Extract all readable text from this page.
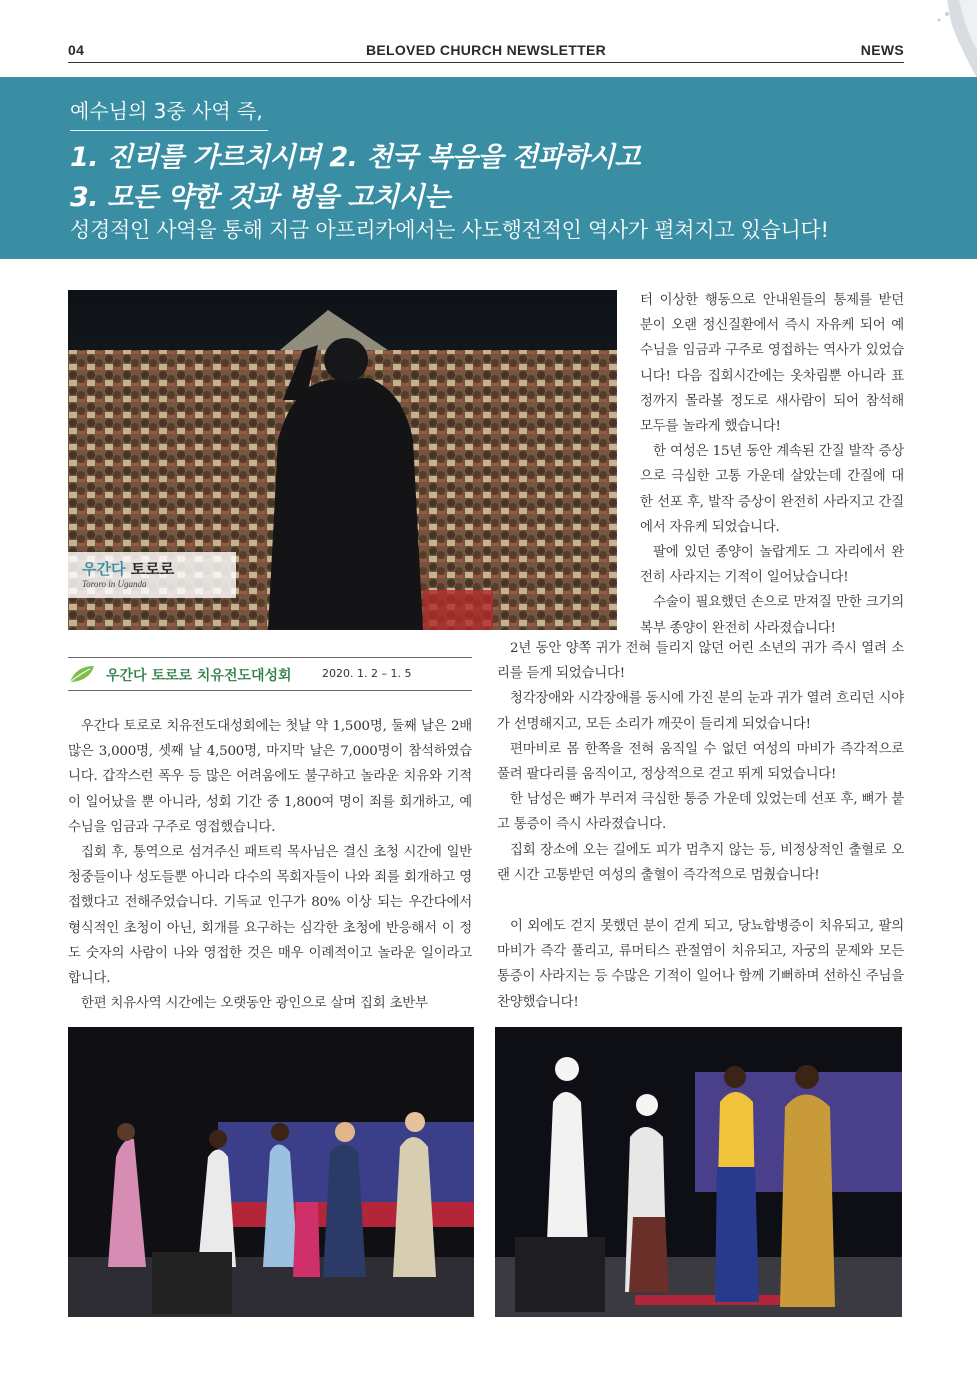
04	BELOVED CHURCH NEWSLETTER	NEWS
예수님의 3중 사역 즉,
1. 진리를 가르치시며 2. 천국 복음을 전파하시고
3. 모든 약한 것과 병을 고치시는
성경적인 사역을 통해 지금 아프리카에서는 사도행전적인 역사가 펼쳐지고 있습니다!
우간다 토로로
Tororo in Uganda

터 이상한 행동으로 안내원들의 통제를 받던 분이 오랜 정신질환에서 즉시 자유케 되어 예수님을 임금과 구주로 영접하는 역사가 있었습니다! 다음 집회시간에는 옷차림뿐 아니라 표정까지 몰라볼 정도로 새사람이 되어 참석해 모두를 놀라게 했습니다!

한 여성은 15년 동안 계속된 간질 발작 증상으로 극심한 고통 가운데 살았는데 간질에 대한 선포 후, 발작 증상이 완전히 사라지고 간질에서 자유케 되었습니다.

팔에 있던 종양이 놀랍게도 그 자리에서 완전히 사라지는 기적이 일어났습니다!

수술이 필요했던 손으로 만져질 만한 크기의 복부 종양이 완전히 사라졌습니다!

우간다 토로로 치유전도대성회	2020. 1. 2 – 1. 5

우간다 토로로 치유전도대성회에는 첫날 약 1,500명, 둘째 날은 2배 많은 3,000명, 셋째 날 4,500명, 마지막 날은 7,000명이 참석하였습니다. 갑작스런 폭우 등 많은 어려움에도 불구하고 놀라운 치유와 기적이 일어났을 뿐 아니라, 성회 기간 중 1,800여 명이 죄를 회개하고, 예수님을 임금과 구주로 영접했습니다.

집회 후, 통역으로 섬겨주신 패트릭 목사님은 결신 초청 시간에 일반 청중들이나 성도들뿐 아니라 다수의 목회자들이 나와 죄를 회개하고 영접했다고 전해주었습니다. 기독교 인구가 80% 이상 되는 우간다에서 형식적인 초청이 아닌, 회개를 요구하는 심각한 초청에 반응해서 이 정도 숫자의 사람이 나와 영접한 것은 매우 이례적이고 놀라운 일이라고 합니다.

한편 치유사역 시간에는 오랫동안 광인으로 살며 집회 초반부

2년 동안 양쪽 귀가 전혀 들리지 않던 어린 소년의 귀가 즉시 열려 소리를 듣게 되었습니다!

청각장애와 시각장애를 동시에 가진 분의 눈과 귀가 열려 흐리던 시야가 선명해지고, 모든 소리가 깨끗이 들리게 되었습니다!

편마비로 몸 한쪽을 전혀 움직일 수 없던 여성의 마비가 즉각적으로 풀려 팔다리를 움직이고, 정상적으로 걷고 뛰게 되었습니다!

한 남성은 뼈가 부러져 극심한 통증 가운데 있었는데 선포 후, 뼈가 붙고 통증이 즉시 사라졌습니다.

집회 장소에 오는 길에도 피가 멈추지 않는 등, 비정상적인 출혈로 오랜 시간 고통받던 여성의 출혈이 즉각적으로 멈췄습니다!

이 외에도 걷지 못했던 분이 걷게 되고, 당뇨합병증이 치유되고, 팔의 마비가 즉각 풀리고, 류머티스 관절염이 치유되고, 자궁의 문제와 모든 통증이 사라지는 등 수많은 기적이 일어나 함께 기뻐하며 선하신 주님을 찬양했습니다!
